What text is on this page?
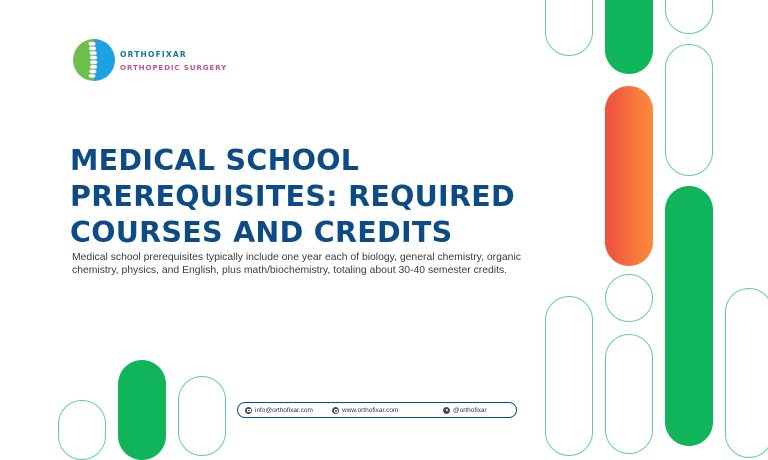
ORTHOFIXAR
ORTHOPEDIC SURGERY
MEDICAL SCHOOL PREREQUISITES: REQUIRED COURSES AND CREDITS

Medical school prerequisites typically include one year each of biology, general chemistry, organic chemistry, physics, and English, plus math/biochemistry, totaling about 30-40 semester credits.

info@orthofixar.com	www.orthofixar.com	@orthofixar
